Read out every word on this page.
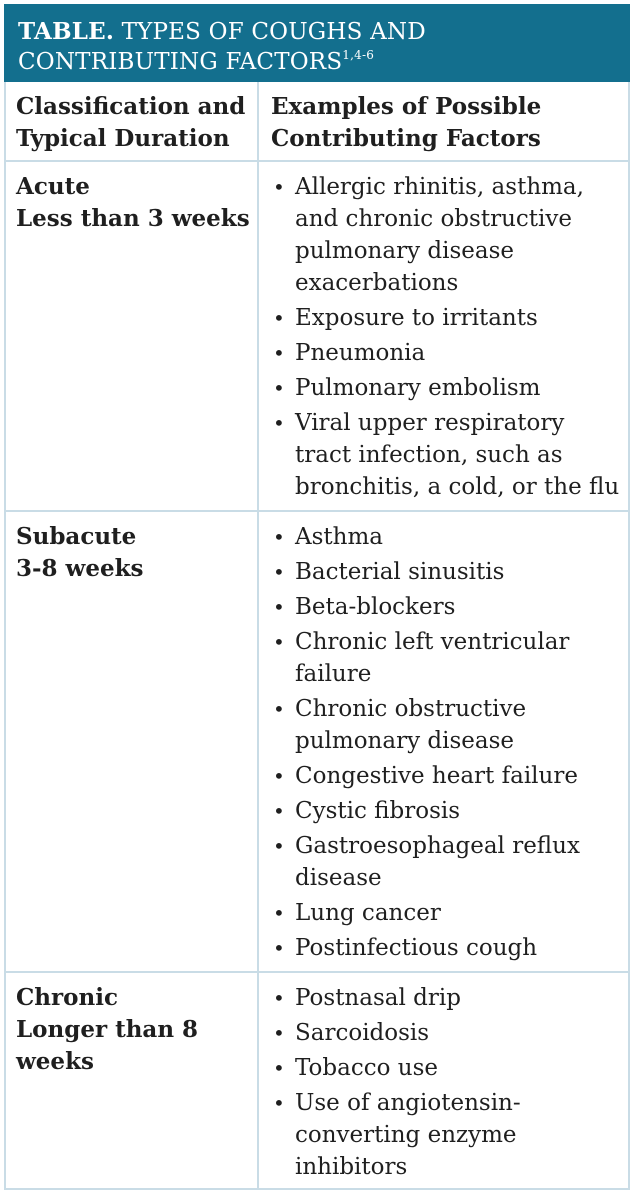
TABLE. TYPES OF COUGHS AND CONTRIBUTING FACTORS$^{1,4-6}$
Classification and Typical Duration
Examples of Possible Contributing Factors
Acute
Less than 3 weeks
• Allergic rhinitis, asthma, and chronic obstructive pulmonary disease exacerbations
• Exposure to irritants
• Pneumonia
• Pulmonary embolism
• Viral upper respiratory tract infection, such as bronchitis, a cold, or the flu
Subacute
3-8 weeks
• Asthma
• Bacterial sinusitis
• Beta-blockers
• Chronic left ventricular failure
• Chronic obstructive pulmonary disease
• Congestive heart failure
• Cystic fibrosis
• Gastroesophageal reflux disease
• Lung cancer
• Postinfectious cough
Chronic
Longer than 8 weeks
• Postnasal drip
• Sarcoidosis
• Tobacco use
• Use of angiotensin-converting enzyme inhibitors
